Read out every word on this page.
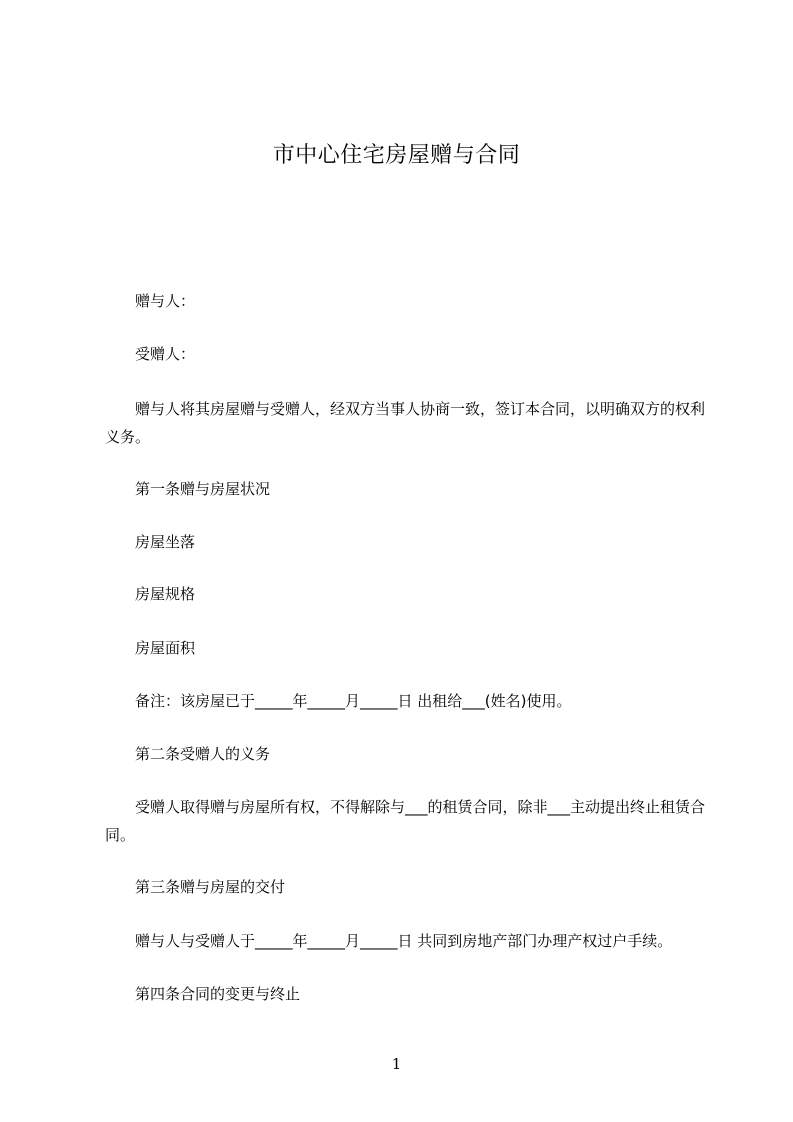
市中心住宅房屋赠与合同
赠与人：
受赠人：
赠与人将其房屋赠与受赠人，经双方当事人协商一致，签订本合同，以明确双方的权利义务。
第一条赠与房屋状况
房屋坐落
房屋规格
房屋面积
备注：该房屋已于_____年_____月_____日 出租给___(姓名)使用。
第二条受赠人的义务
受赠人取得赠与房屋所有权，不得解除与___的租赁合同，除非___主动提出终止租赁合同。
第三条赠与房屋的交付
赠与人与受赠人于_____年_____月_____日 共同到房地产部门办理产权过户手续。
第四条合同的变更与终止
1
